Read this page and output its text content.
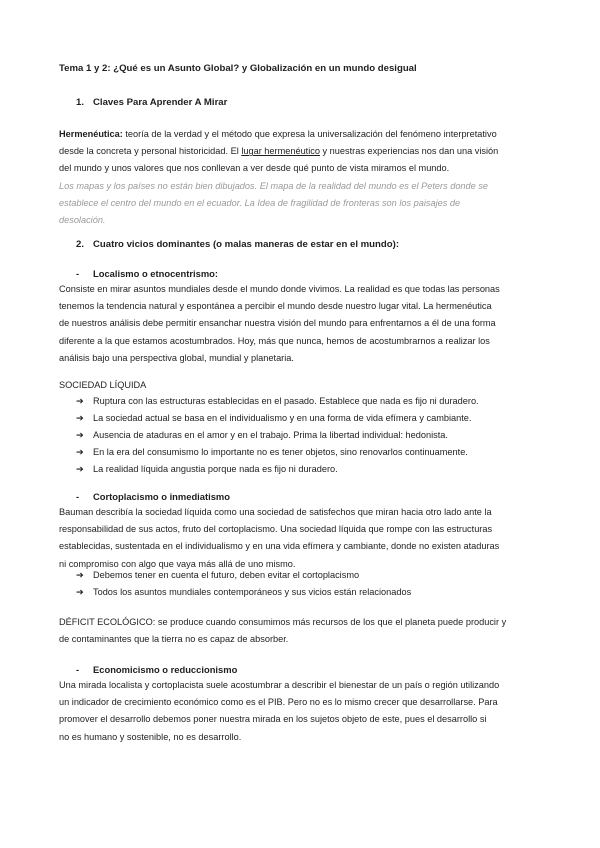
Tema 1 y 2: ¿Qué es un Asunto Global? y Globalización en un mundo desigual
1. Claves Para Aprender A Mirar
Hermenéutica: teoría de la verdad y el método que expresa la universalización del fenómeno interpretativo
desde la concreta y personal historicidad. El lugar hermenéutico y nuestras experiencias nos dan una visión
del mundo y unos valores que nos conllevan a ver desde qué punto de vista miramos el mundo.
Los mapas y los países no están bien dibujados. El mapa de la realidad del mundo es el Peters donde se
establece el centro del mundo en el ecuador. La Idea de fragilidad de fronteras son los paisajes de
desolación.
2. Cuatro vicios dominantes (o malas maneras de estar en el mundo):
- Localismo o etnocentrismo:
Consiste en mirar asuntos mundiales desde el mundo donde vivimos. La realidad es que todas las personas
tenemos la tendencia natural y espontánea a percibir el mundo desde nuestro lugar vital. La hermenéutica
de nuestros análisis debe permitir ensanchar nuestra visión del mundo para enfrentarnos a él de una forma
diferente a la que estamos acostumbrados. Hoy, más que nunca, hemos de acostumbrarnos a realizar los
análisis bajo una perspectiva global, mundial y planetaria.
SOCIEDAD LÍQUIDA
➔ Ruptura con las estructuras establecidas en el pasado. Establece que nada es fijo ni duradero.
➔ La sociedad actual se basa en el individualismo y en una forma de vida efímera y cambiante.
➔ Ausencia de ataduras en el amor y en el trabajo. Prima la libertad individual: hedonista.
➔ En la era del consumismo lo importante no es tener objetos, sino renovarlos continuamente.
➔ La realidad líquida angustia porque nada es fijo ni duradero.
- Cortoplacismo o inmediatismo
Bauman describía la sociedad líquida como una sociedad de satisfechos que miran hacia otro lado ante la
responsabilidad de sus actos, fruto del cortoplacismo. Una sociedad líquida que rompe con las estructuras
establecidas, sustentada en el individualismo y en una vida efímera y cambiante, donde no existen ataduras
ni compromiso con algo que vaya más allá de uno mismo.
➔ Debemos tener en cuenta el futuro, deben evitar el cortoplacismo
➔ Todos los asuntos mundiales contemporáneos y sus vicios están relacionados
DÉFICIT ECOLÓGICO: se produce cuando consumimos más recursos de los que el planeta puede producir y
de contaminantes que la tierra no es capaz de absorber.
- Economicismo o reduccionismo
Una mirada localista y cortoplacista suele acostumbrar a describir el bienestar de un país o región utilizando
un indicador de crecimiento económico como es el PIB. Pero no es lo mismo crecer que desarrollarse. Para
promover el desarrollo debemos poner nuestra mirada en los sujetos objeto de este, pues el desarrollo si
no es humano y sostenible, no es desarrollo.
